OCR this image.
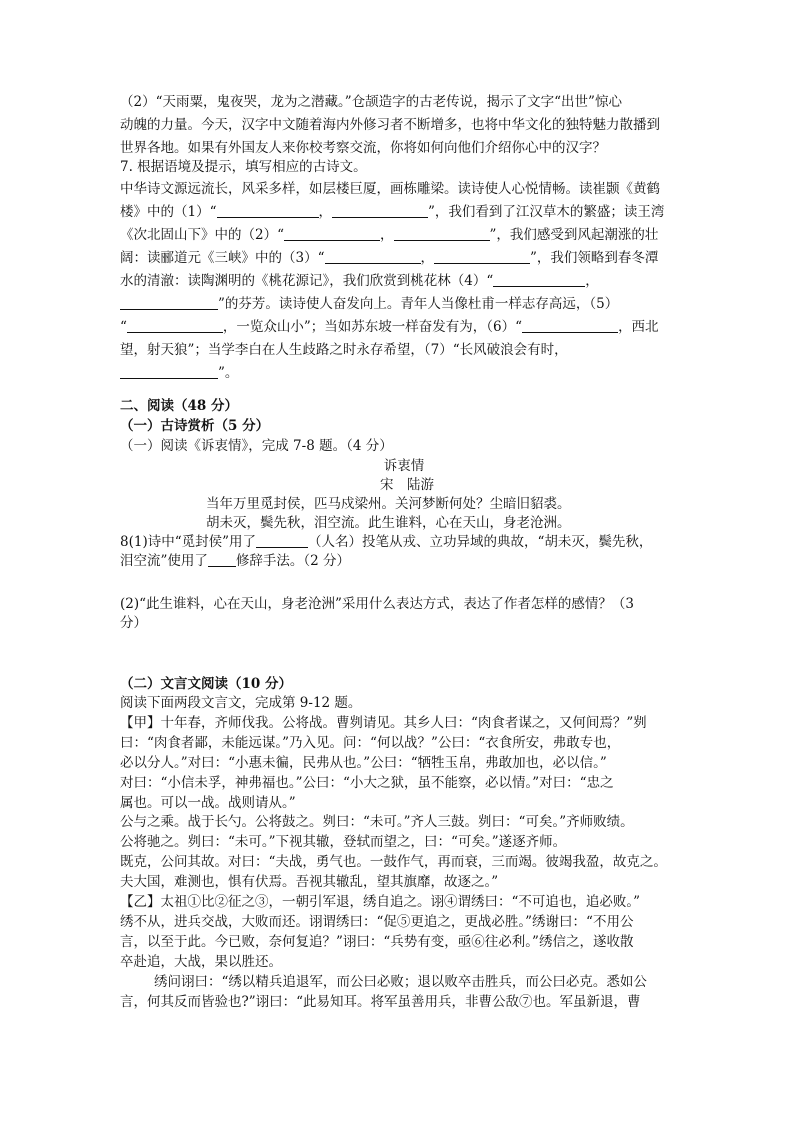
（2）“天雨粟，鬼夜哭，龙为之潜藏。”仓颉造字的古老传说，揭示了文字“出世”惊心
动魄的力量。今天，汉字中文随着海内外修习者不断增多，也将中华文化的独特魅力散播到
世界各地。如果有外国友人来你校考察交流，你将如何向他们介绍你心中的汉字？
7. 根据语境及提示，填写相应的古诗文。
中华诗文源远流长，风采多样，如层楼巨厦，画栋雕梁。读诗使人心悦情畅。读崔颢《黄鹤
楼》中的（1）“	，	”，我们看到了江汉草木的繁盛；读王湾
《次北固山下》中的（2）“	，	”，我们感受到风起潮涨的壮
阔：读郦道元《三峡》中的（3）“	，	”，我们领略到春冬潭
水的清澈：读陶渊明的《桃花源记》，我们欣赏到桃花林（4）“	，
”的芬芳。读诗使人奋发向上。青年人当像杜甫一样志存高远，（5）
“	，一览众山小”；当如苏东坡一样奋发有为，（6）“	，西北
望，射天狼”；当学李白在人生歧路之时永存希望，（7）“长风破浪会有时，
”。
二、阅读（48 分）
（一）古诗赏析（5 分）
（一）阅读《诉衷情》，完成 7-8 题。（4 分）
诉衷情
宋　陆游
当年万里觅封侯，匹马戍梁州。关河梦断何处？尘暗旧貂裘。
胡未灭，鬓先秋，泪空流。此生谁料，心在天山，身老沧洲。
8(1)诗中“觅封侯”用了	（人名）投笔从戎、立功异域的典故，“胡未灭，鬓先秋，
泪空流”使用了 修辞手法。（2 分）
(2)“此生谁料，心在天山，身老沧洲”采用什么表达方式，表达了作者怎样的感情？（3
分）
（二）文言文阅读（10 分）
阅读下面两段文言文，完成第 9-12 题。
【甲】十年春，齐师伐我。公将战。曹刿请见。其乡人曰：“肉食者谋之，又何间焉？”刿
曰：“肉食者鄙，未能远谋。”乃入见。问：“何以战？”公曰：“衣食所安，弗敢专也，
必以分人。”对曰：“小惠未徧，民弗从也。”公曰：“牺牲玉帛，弗敢加也，必以信。”
对曰：“小信未孚，神弗福也。”公曰：“小大之狱，虽不能察，必以情。”对曰：“忠之
属也。可以一战。战则请从。”
公与之乘。战于长勺。公将鼓之。刿曰：“未可。”齐人三鼓。刿曰：“可矣。”齐师败绩。
公将驰之。刿曰：“未可。”下视其辙，登轼而望之，曰：“可矣。”遂逐齐师。
既克，公问其故。对曰：“夫战，勇气也。一鼓作气，再而衰，三而竭。彼竭我盈，故克之。
夫大国，难测也，惧有伏焉。吾视其辙乱，望其旗靡，故逐之。”
【乙】太祖①比②征之③，一朝引军退，绣自追之。诩④谓绣曰：“不可追也，追必败。”
绣不从，进兵交战，大败而还。诩谓绣曰：“促⑤更追之，更战必胜。”绣谢曰：“不用公
言，以至于此。今已败，奈何复追？”诩曰：“兵势有变，亟⑥往必利。”绣信之，遂收散
卒赴追，大战，果以胜还。
绣问诩曰：“绣以精兵追退军，而公曰必败；退以败卒击胜兵，而公曰必克。悉如公
言，何其反而皆验也?”诩曰：“此易知耳。将军虽善用兵，非曹公敌⑦也。军虽新退，曹
